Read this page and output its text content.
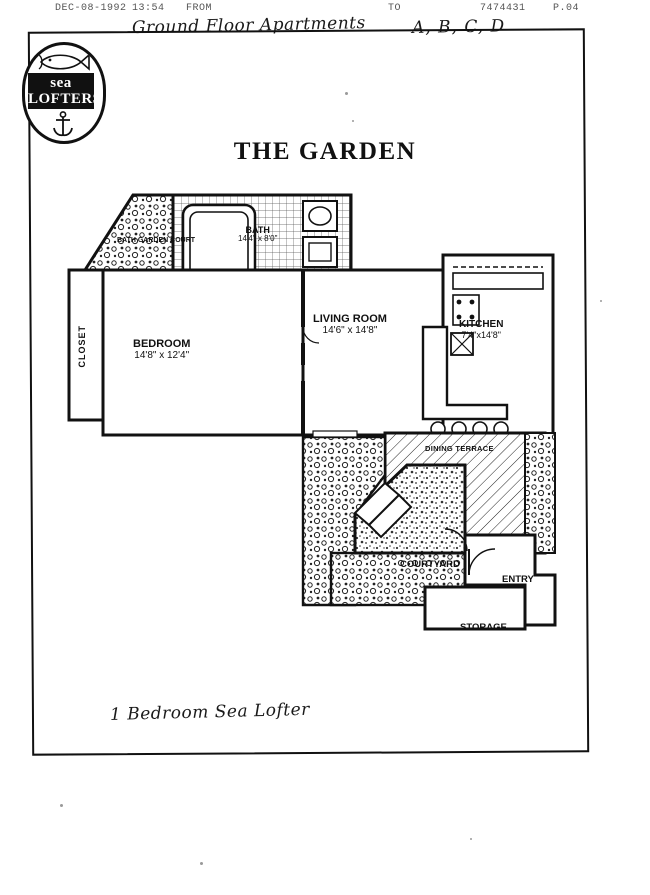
DEC-08-1992 13:54 FROM	TO	7474431	P.04
Ground Floor Apartments	A, B, C, D
1 Bedroom Sea Lofter
sea
LOFTERS
THE GARDEN
BEDROOM
14'8" x 12'4"
LIVING ROOM
14'6" x 14'8"
KITCHEN
7'4"x14'8"
BATH
14'4" x 8'0"
BATH GARDEN COURT
CLOSET
DINING TERRACE
COURTYARD
ENTRY
STORAGE
